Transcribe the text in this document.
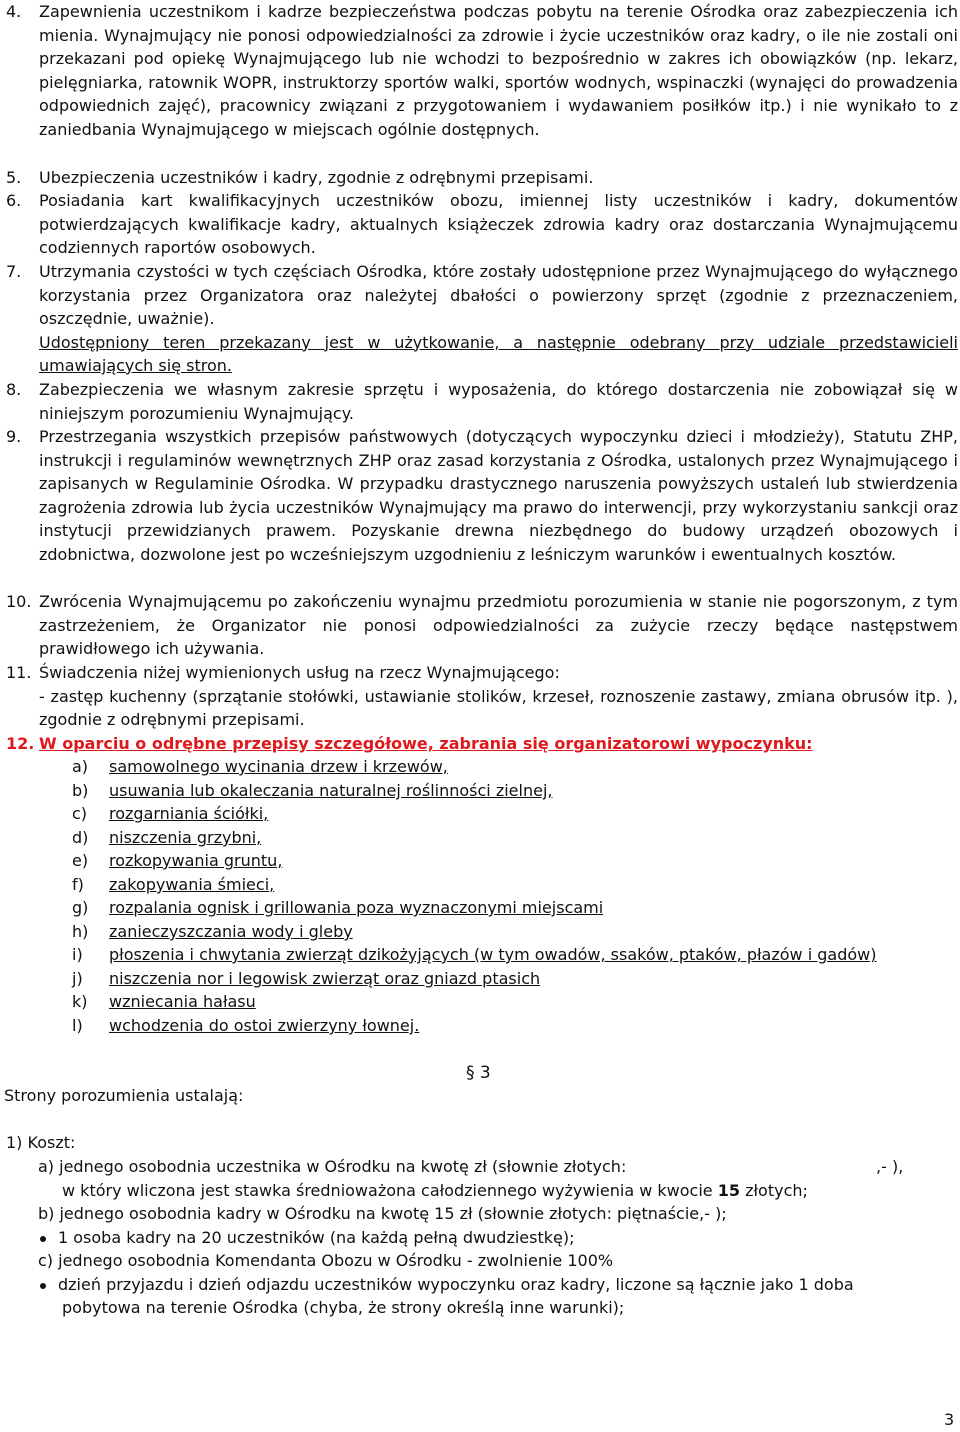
4.	Zapewnienia uczestnikom i kadrze bezpieczeństwa podczas pobytu na terenie Ośrodka oraz zabezpieczenia ich mienia. Wynajmujący nie ponosi odpowiedzialności za zdrowie i życie uczestników oraz kadry, o ile nie zostali oni przekazani pod opiekę Wynajmującego lub nie wchodzi to bezpośrednio w zakres ich obowiązków (np. lekarz, pielęgniarka, ratownik WOPR, instruktorzy sportów walki, sportów wodnych, wspinaczki (wynajęci do prowadzenia odpowiednich zajęć), pracownicy związani z przygotowaniem i wydawaniem posiłków itp.) i nie wynikało to z zaniedbania Wynajmującego w miejscach ogólnie dostępnych.
5.	Ubezpieczenia uczestników i kadry, zgodnie z odrębnymi przepisami.
6.	Posiadania kart kwalifikacyjnych uczestników obozu, imiennej listy uczestników i kadry, dokumentów potwierdzających kwalifikacje kadry, aktualnych książeczek zdrowia kadry oraz dostarczania Wynajmującemu codziennych raportów osobowych.
7.	Utrzymania czystości w tych częściach Ośrodka, które zostały udostępnione przez Wynajmującego do wyłącznego korzystania przez Organizatora oraz należytej dbałości o powierzony sprzęt (zgodnie z przeznaczeniem, oszczędnie, uważnie).
Udostępniony teren przekazany jest w użytkowanie, a następnie odebrany przy udziale przedstawicieli umawiających się stron.
8.	Zabezpieczenia we własnym zakresie sprzętu i wyposażenia, do którego dostarczenia nie zobowiązał się w niniejszym porozumieniu Wynajmujący.
9.	Przestrzegania wszystkich przepisów państwowych (dotyczących wypoczynku dzieci i młodzieży), Statutu ZHP, instrukcji i regulaminów wewnętrznych ZHP oraz zasad korzystania z Ośrodka, ustalonych przez Wynajmującego i zapisanych w Regulaminie Ośrodka. W przypadku drastycznego naruszenia powyższych ustaleń lub stwierdzenia zagrożenia zdrowia lub życia uczestników Wynajmujący ma prawo do interwencji, przy wykorzystaniu sankcji oraz instytucji przewidzianych prawem. Pozyskanie drewna niezbędnego do budowy urządzeń obozowych i zdobnictwa, dozwolone jest po wcześniejszym uzgodnieniu z leśniczym warunków i ewentualnych kosztów.
10. Zwrócenia Wynajmującemu po zakończeniu wynajmu przedmiotu porozumienia w stanie nie pogorszonym, z tym zastrzeżeniem, że Organizator nie ponosi odpowiedzialności za zużycie rzeczy będące następstwem prawidłowego ich używania.
11. Świadczenia niżej wymienionych usług na rzecz Wynajmującego:
- zastęp kuchenny (sprzątanie stołówki, ustawianie stolików, krzeseł, roznoszenie zastawy, zmiana obrusów itp. ), zgodnie z odrębnymi przepisami.
12. W oparciu o odrębne przepisy szczegółowe, zabrania się organizatorowi wypoczynku:
a) samowolnego wycinania drzew i krzewów,
b) usuwania lub okaleczania naturalnej roślinności zielnej,
c) rozgarniania ściółki,
d) niszczenia grzybni,
e) rozkopywania gruntu,
f) zakopywania śmieci,
g) rozpalania ognisk i grillowania poza wyznaczonymi miejscami
h) zanieczyszczania wody i gleby
i) płoszenia i chwytania zwierząt dzikożyjących (w tym owadów, ssaków, ptaków, płazów i gadów)
j) niszczenia nor i legowisk zwierząt oraz gniazd ptasich
k) wzniecania hałasu
l) wchodzenia do ostoi zwierzyny łownej.
§ 3
Strony porozumienia ustalają:
1) Koszt:
a) jednego osobodnia uczestnika w Ośrodku na kwotę zł (słownie złotych:	,- ),
w który wliczona jest stawka średnioważona całodziennego wyżywienia w kwocie 15 złotych;
b) jednego osobodnia kadry w Ośrodku na kwotę 15 zł (słownie złotych: piętnaście,- );
1 osoba kadry na 20 uczestników (na każdą pełną dwudziestkę);
c) jednego osobodnia Komendanta Obozu w Ośrodku - zwolnienie 100%
dzień przyjazdu i dzień odjazdu uczestników wypoczynku oraz kadry, liczone są łącznie jako 1 doba
pobytowa na terenie Ośrodka (chyba, że strony określą inne warunki);
3
